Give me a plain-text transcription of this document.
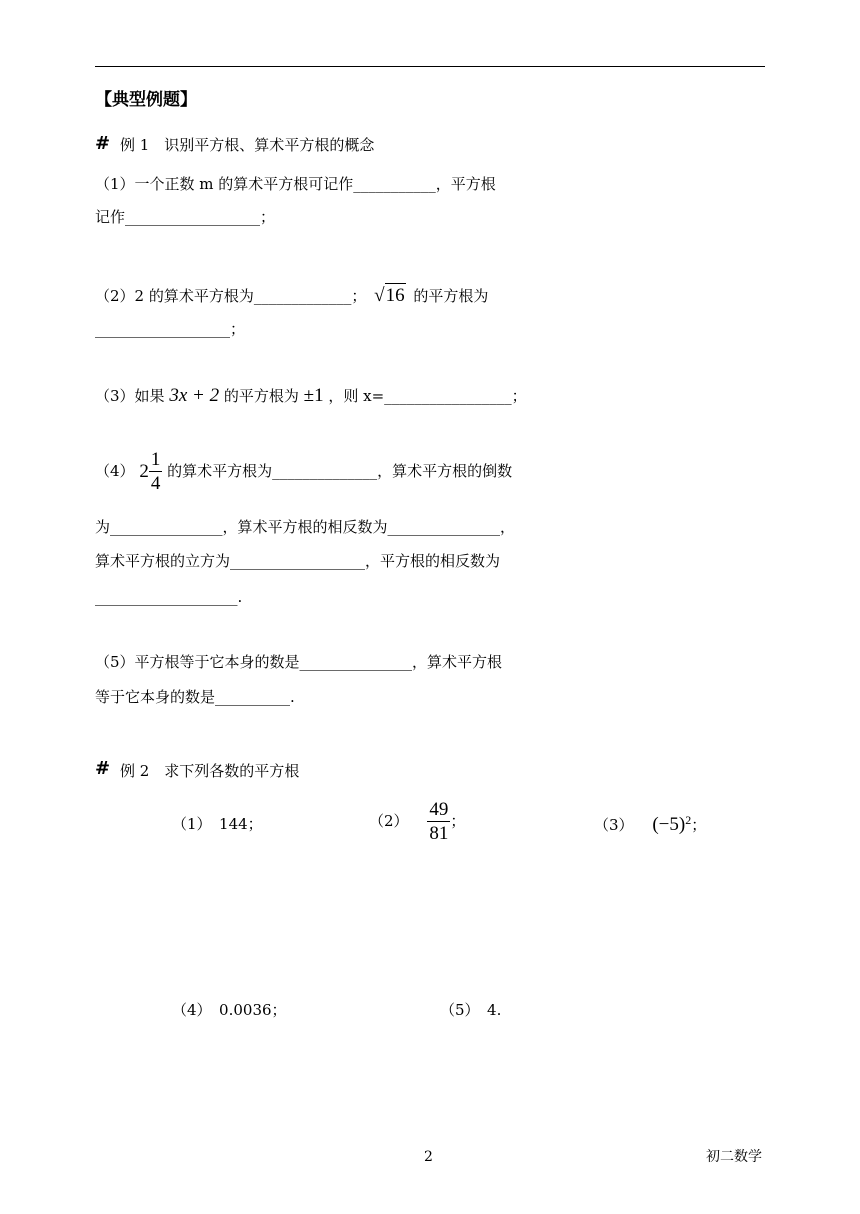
【典型例题】
# 例 1　识别平方根、算术平方根的概念
（1）一个正数 m 的算术平方根可记作___________，平方根
记作__________________；
（2）2 的算术平方根为_____________； √16 的平方根为
__________________；
（3）如果 3x + 2 的平方根为 ±1 ，则 x=_________________；
（4） $2 \frac{1}{4}$ 的算术平方根为______________，算术平方根的倒数
为_______________，算术平方根的相反数为_______________，
算术平方根的立方为__________________，平方根的相反数为
___________________.
（5）平方根等于它本身的数是_______________，算术平方根
等于它本身的数是__________.
# 例 2　求下列各数的平方根
（1）　144；	$(2) \frac{49}{81}$ ；	（3） $(-5)^2$；
（4）　0.0036；	（5）　4.
2	初二数学
